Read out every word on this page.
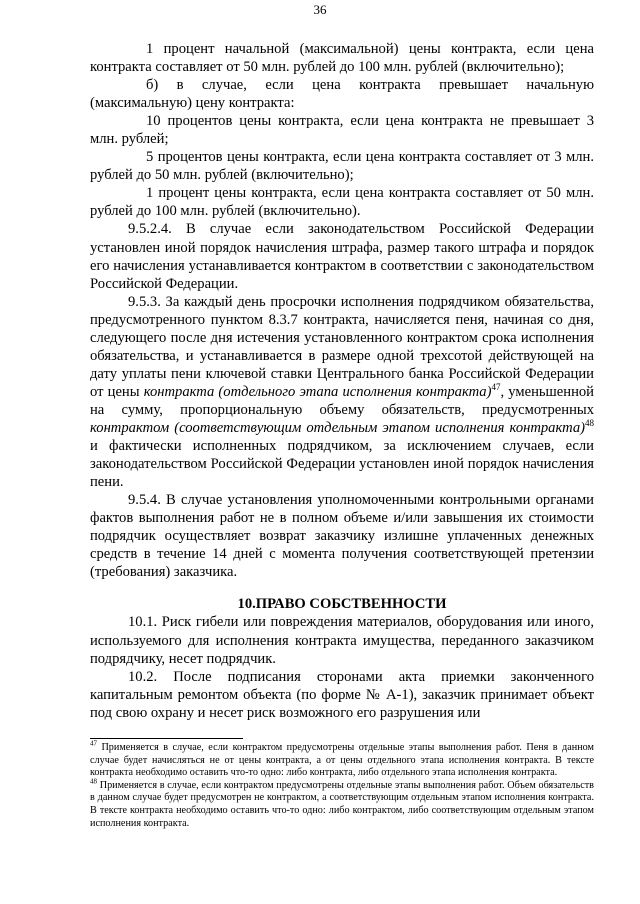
36

1 процент начальной (максимальной) цены контракта, если цена контракта составляет от 50 млн. рублей до 100 млн. рублей (включительно);

б) в случае, если цена контракта превышает начальную (максимальную) цену контракта:

10 процентов цены контракта, если цена контракта не превышает 3 млн. рублей;

5 процентов цены контракта, если цена контракта составляет от 3 млн. рублей до 50 млн. рублей (включительно);

1 процент цены контракта, если цена контракта составляет от 50 млн. рублей до 100 млн. рублей (включительно).

9.5.2.4. В случае если законодательством Российской Федерации установлен иной порядок начисления штрафа, размер такого штрафа и порядок его начисления устанавливается контрактом в соответствии с законодательством Российской Федерации.

9.5.3. За каждый день просрочки исполнения подрядчиком обязательства, предусмотренного пунктом 8.3.7 контракта, начисляется пеня, начиная со дня, следующего после дня истечения установленного контрактом срока исполнения обязательства, и устанавливается в размере одной трехсотой действующей на дату уплаты пени ключевой ставки Центрального банка Российской Федерации от цены контракта (отдельного этапа исполнения контракта)$^{47}$, уменьшенной на сумму, пропорциональную объему обязательств, предусмотренных контрактом (соответствующим отдельным этапом исполнения контракта)$^{48}$ и фактически исполненных подрядчиком, за исключением случаев, если законодательством Российской Федерации установлен иной порядок начисления пени.

9.5.4. В случае установления уполномоченными контрольными органами фактов выполнения работ не в полном объеме и/или завышения их стоимости подрядчик осуществляет возврат заказчику излишне уплаченных денежных средств в течение 14 дней с момента получения соответствующей претензии (требования) заказчика.

10.ПРАВО СОБСТВЕННОСТИ

10.1. Риск гибели или повреждения материалов, оборудования или иного, используемого для исполнения контракта имущества, переданного заказчиком подрядчику, несет подрядчик.

10.2. После подписания сторонами акта приемки законченного капитальным ремонтом объекта (по форме № А-1), заказчик принимает объект под свою охрану и несет риск возможного его разрушения или

$^{47}$ Применяется в случае, если контрактом предусмотрены отдельные этапы выполнения работ. Пеня в данном случае будет начисляться не от цены контракта, а от цены отдельного этапа исполнения контракта. В тексте контракта необходимо оставить что-то одно: либо контракта, либо отдельного этапа исполнения контракта.

$^{48}$ Применяется в случае, если контрактом предусмотрены отдельные этапы выполнения работ. Объем обязательств в данном случае будет предусмотрен не контрактом, а соответствующим отдельным этапом исполнения контракта. В тексте контракта необходимо оставить что-то одно: либо контрактом, либо соответствующим отдельным этапом исполнения контракта.
